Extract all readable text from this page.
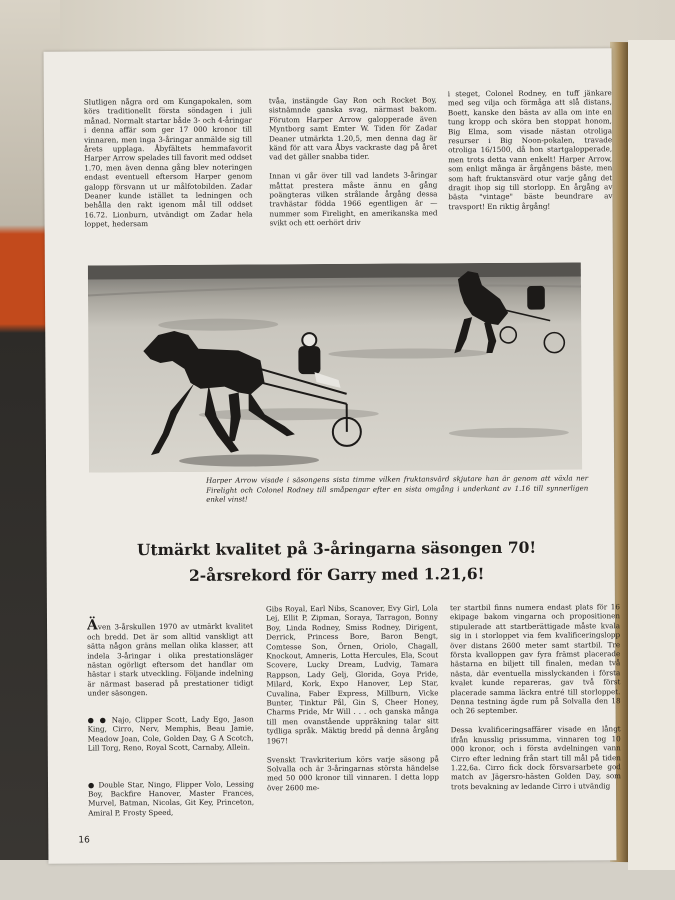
Slutligen några ord om Kungapokalen, som körs traditionellt första söndagen i juli månad. Normalt startar både 3- och 4-åringar i denna affär som ger 17 000 kronor till vinnaren, men inga 3-åringar anmälde sig till årets upplaga. Åbyfältets hemmafavorit Harper Arrow spelades till favorit med oddset 1.70, men även denna gång blev noteringen endast eventuell eftersom Harper genom galopp försvann ut ur målfotobilden. Zadar Deaner kunde istället ta ledningen och behålla den rakt igenom mål till oddset 16.72. Lionburn, utvändigt om Zadar hela loppet, hedersam
tvåa, instängde Gay Ron och Rocket Boy, sistnämnde ganska svag, närmast bakom. Förutom Harper Arrow galopperade även Myntborg samt Emter W. Tiden för Zadar Deaner utmärkta 1.20,5, men denna dag är känd för att vara Åbys vackraste dag på året vad det gäller snabba tider.

Innan vi går över till vad landets 3-åringar måttat prestera måste ännu en gång poängteras vilken strålande årgång dessa travhästar födda 1966 egentligen är — nummer som Firelight, en amerikanska med svikt och ett oerhört driv
i steget, Colonel Rodney, en tuff jänkare med seg vilja och förmåga att slå distans, Boett, kanske den bästa av alla om inte en tung kropp och sköra ben stoppat honom, Big Elma, som visade nästan otroliga resurser i Big Noon-pokalen, travade otroliga 16/1500, då hon startgalopperade, men trots detta vann enkelt! Harper Arrow, som enligt många är årgångens bäste, men som haft fruktansvärd otur varje gång det dragit ihop sig till storlopp. En årgång av bästa "vintage" bäste beundrare av travsport! En riktig årgång!
Harper Arrow visade i säsongens sista timme vilken fruktansvärd skjutare han är genom att växla ner Firelight och Colonel Rodney till småpengar efter en sista omgång i underkant av 1.16 till synnerligen enkel vinst!
Utmärkt kvalitet på 3-åringarna säsongen 70!
2-årsrekord för Garry med 1.21,6!

Även 3-årskullen 1970 av utmärkt kvalitet och bredd. Det är som alltid vanskligt att sätta någon gräns mellan olika klasser, att indela 3-åringar i olika prestationsläger nästan ogörligt eftersom det handlar om hästar i stark utveckling. Följande indelning är närmast baserad på prestationer tidigt under säsongen.

● ● Najo, Clipper Scott, Lady Ego, Jason King, Cirro, Nerv, Memphis, Beau Jamie, Meadow Joan, Cole, Golden Day, G A Scotch, Lill Torg, Reno, Royal Scott, Carnaby, Allein.

● Double Star, Ningo, Flipper Volo, Lessing Boy, Backfire Hanover, Master Frances, Murvel, Batman, Nicolas, Git Key, Princeton, Amiral P, Frosty Speed,

Gibs Royal, Earl Nibs, Scanover, Evy Girl, Lola Lej, Ellit P, Zipman, Soraya, Tarragon, Bonny Boy, Linda Rodney, Smiss Rodney, Dirigent, Derrick, Princess Bore, Baron Bengt, Comtesse Son, Örnen, Oriolo, Chagall, Knockout, Amneris, Lotta Hercules, Ela, Scout Scovere, Lucky Dream, Ludvig, Tamara Rappson, Lady Gelj, Glorida, Goya Pride, Milard, Kork, Expo Hanover, Lep Star, Cuvalina, Faber Express, Millburn, Vicke Bunter, Tinktur Pål, Gin S, Cheer Honey, Charms Pride, Mr Will . . . och ganska många till men ovanstående uppräkning talar sitt tydliga språk. Mäktig bredd på denna årgång 1967!

Svenskt Travkriterium körs varje säsong på Solvalla och är 3-åringarnas största händelse med 50 000 kronor till vinnaren. I detta lopp över 2600 me-
ter startbil finns numera endast plats för 16 ekipage bakom vingarna och propositionen stipulerade att startberättigade måste kvala sig in i storloppet via fem kvalificeringslopp över distans 2600 meter samt startbil. Tre första kvalloppen gav fyra främst placerade hästarna en biljett till finalen, medan två nästa, där eventuella misslyckanden i första kvalet kunde repareras, gav två först placerade samma läckra entré till storloppet. Denna testning ägde rum på Solvalla den 18 och 26 september.

Dessa kvalificeringsaffärer visade en långt ifrån knusslig prissumma, vinnaren tog 10 000 kronor, och i första avdelningen vann Cirro efter ledning från start till mål på tiden 1.22,6a. Cirro fick dock försvarsarbete god match av Jägersro-hästen Golden Day, som trots bevakning av ledande Cirro i utvändig
16
